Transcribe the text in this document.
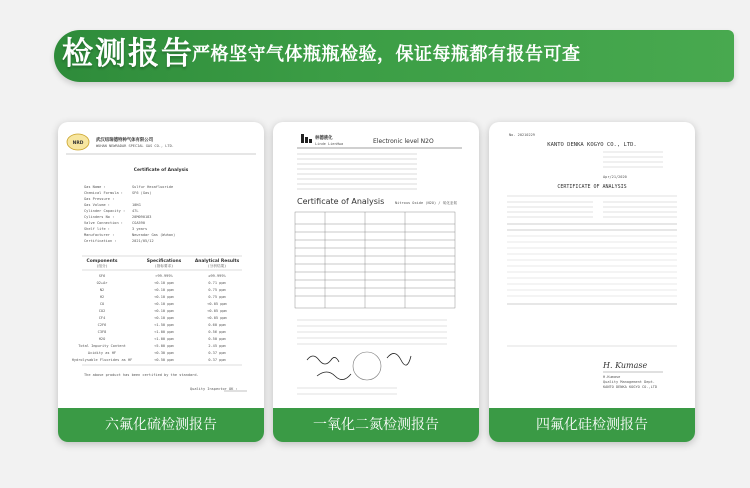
检测报告
严格坚守气体瓶瓶检验，保证每瓶都有报告可查
NRD
武汉纽瑞德特种气体有限公司
WUHAN NEWRADAR SPECIAL GAS CO., LTD.
Certificate of Analysis
Gas Name :	Sulfur Hexafluoride
Chemical Formula :	SF6 (Gas)
Gas Pressure :
Gas Volume :	10KG
Cylinder Capacity : 47L
Cylinders No :	20M090183
Valve Connection :	CGA590
Shelf life :	3 years
Manufacturer :	Newradar Gas (Wuhan)
Certification :	2021/05/12
Components	Specifications	Analytical Results
(组分)	(指标要求)	(分析结果)
SF6	>99.999%	≥99.999%
O2+Ar	<0.10 ppm	0.71 ppm
N2	<0.10 ppm	0.75 ppm
H2	<0.10 ppm	0.75 ppm
CO	<0.10 ppm	<0.05 ppm
CO2	<0.10 ppm	<0.05 ppm
CF4	<0.10 ppm	<0.05 ppm
C2F6	<1.50 ppm	0.60 ppm
C3F8	<1.00 ppm	0.56 ppm
H2O	<1.00 ppm	0.50 ppm
Total Impurity Content	<5.00 ppm	2.45 ppm
Acidity as HF	<0.30 ppm	0.37 ppm
Hydrolysable Fluorides as HF	<0.50 ppm	0.37 ppm
The above product has been certified by the standard.
Quality Inspector OK :
六氟化硫检测报告
林德液化
Linde LienHwa	Electronic level N2O
Certificate of Analysis	Nitrous Oxide (N2O) / 氧化亚氮
一氧化二氮检测报告
No. 20210229
KANTO DENKA KOGYO CO., LTD.
Apr/21/2020
CERTIFICATE OF ANALYSIS
H. Kumase
H.Kumase
Quality Management Dept.
KANTO DENKA KOGYO CO.,LTD
四氟化硅检测报告
